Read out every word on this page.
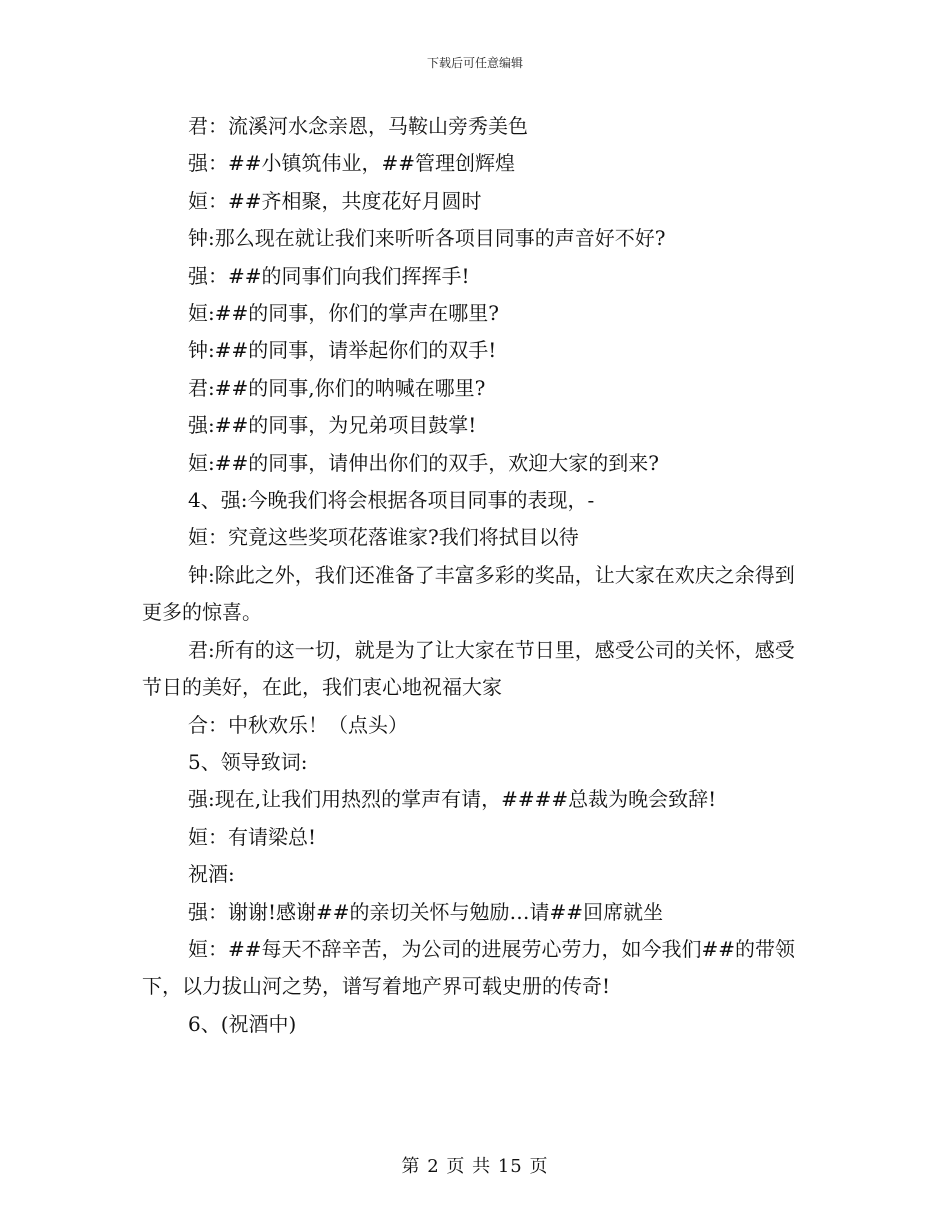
下载后可任意编辑

君：流溪河水念亲恩，马鞍山旁秀美色

强：##小镇筑伟业，##管理创辉煌

姮：##齐相聚，共度花好月圆时

钟:那么现在就让我们来听听各项目同事的声音好不好?

强：##的同事们向我们挥挥手!

姮:##的同事，你们的掌声在哪里?

钟:##的同事，请举起你们的双手!

君:##的同事,你们的呐喊在哪里?

强:##的同事，为兄弟项目鼓掌!

姮:##的同事，请伸出你们的双手，欢迎大家的到来?

4、强:今晚我们将会根据各项目同事的表现，-

姮：究竟这些奖项花落谁家?我们将拭目以待

钟:除此之外，我们还准备了丰富多彩的奖品，让大家在欢庆之余得到更多的惊喜。

君:所有的这一切，就是为了让大家在节日里，感受公司的关怀，感受节日的美好，在此，我们衷心地祝福大家

合：中秋欢乐！（点头）

5、领导致词:

强:现在,让我们用热烈的掌声有请，####总裁为晚会致辞!

姮：有请梁总!

祝酒:

强：谢谢!感谢##的亲切关怀与勉励…请##回席就坐

姮：##每天不辞辛苦，为公司的进展劳心劳力，如今我们##的带领下，以力拔山河之势，谱写着地产界可载史册的传奇!

6、(祝酒中)

第 2 页 共 15 页
